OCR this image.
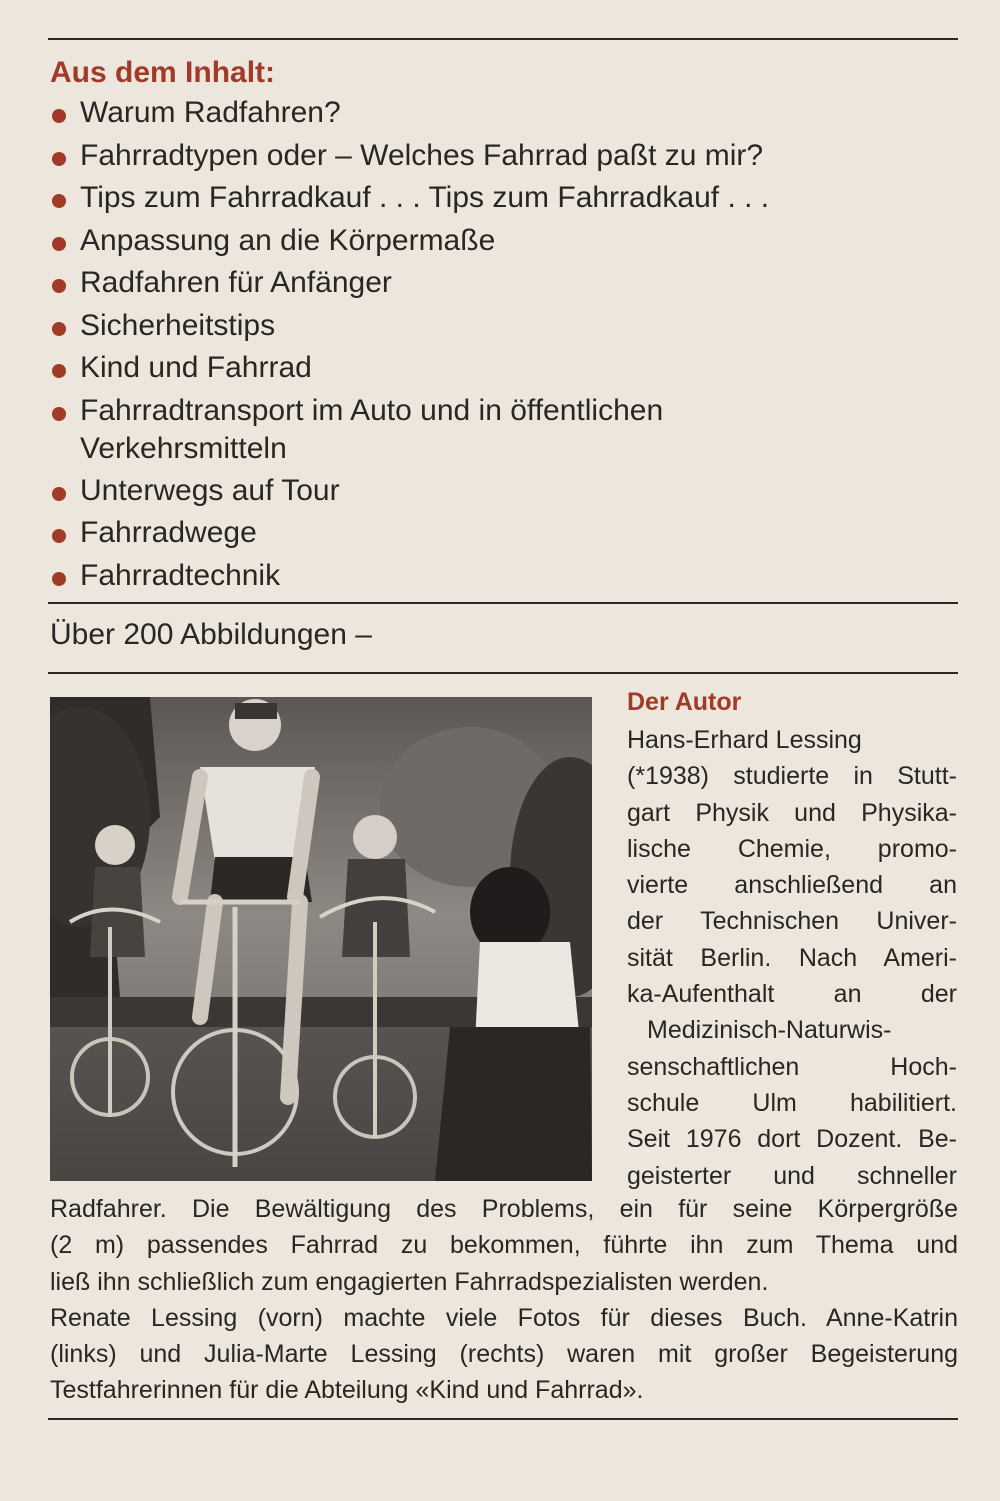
Aus dem Inhalt:
Warum Radfahren?
Fahrradtypen oder – Welches Fahrrad paßt zu mir?
Tips zum Fahrradkauf . . . Tips zum Fahrradkauf . . .
Anpassung an die Körpermaße
Radfahren für Anfänger
Sicherheitstips
Kind und Fahrrad
Fahrradtransport im Auto und in öffentlichen
Verkehrsmitteln
Unterwegs auf Tour
Fahrradwege
Fahrradtechnik
Über 200 Abbildungen –
Der Autor
Hans-Erhard Lessing
(*1938) studierte in Stutt-
gart Physik und Physika-
lische Chemie, promo-
vierte anschließend an
der Technischen Univer-
sität Berlin. Nach Ameri-
ka-Aufenthalt an der
Medizinisch-Naturwis-
senschaftlichen Hoch-
schule Ulm habilitiert.
Seit 1976 dort Dozent. Be-
geisterter und schneller
Radfahrer. Die Bewältigung des Problems, ein für seine Körpergröße
(2 m) passendes Fahrrad zu bekommen, führte ihn zum Thema und
ließ ihn schließlich zum engagierten Fahrradspezialisten werden.
Renate Lessing (vorn) machte viele Fotos für dieses Buch. Anne-Katrin
(links) und Julia-Marte Lessing (rechts) waren mit großer Begeisterung
Testfahrerinnen für die Abteilung «Kind und Fahrrad».
